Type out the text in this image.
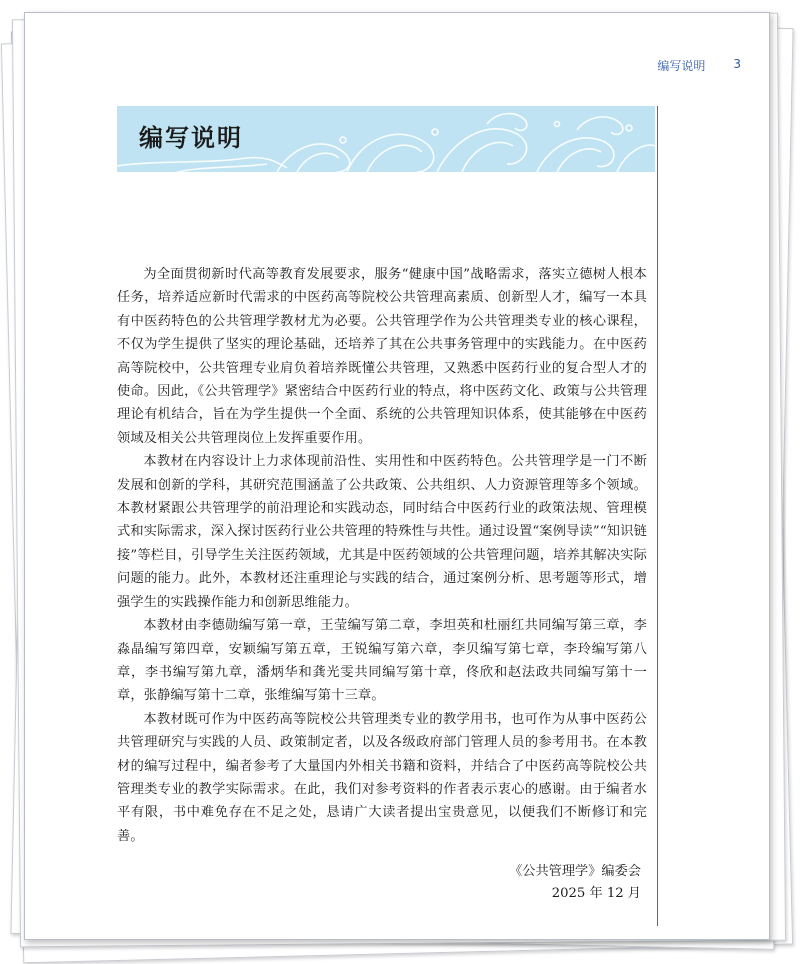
编写说明 3
编写说明

为全面贯彻新时代高等教育发展要求，服务“健康中国”战略需求，落实立德树人根本任务，培养适应新时代需求的中医药高等院校公共管理高素质、创新型人才，编写一本具有中医药特色的公共管理学教材尤为必要。公共管理学作为公共管理类专业的核心课程，不仅为学生提供了坚实的理论基础，还培养了其在公共事务管理中的实践能力。在中医药高等院校中，公共管理专业肩负着培养既懂公共管理，又熟悉中医药行业的复合型人才的使命。因此，《公共管理学》紧密结合中医药行业的特点，将中医药文化、政策与公共管理理论有机结合，旨在为学生提供一个全面、系统的公共管理知识体系，使其能够在中医药领域及相关公共管理岗位上发挥重要作用。

本教材在内容设计上力求体现前沿性、实用性和中医药特色。公共管理学是一门不断发展和创新的学科，其研究范围涵盖了公共政策、公共组织、人力资源管理等多个领域。本教材紧跟公共管理学的前沿理论和实践动态，同时结合中医药行业的政策法规、管理模式和实际需求，深入探讨医药行业公共管理的特殊性与共性。通过设置“案例导读”“知识链接”等栏目，引导学生关注医药领域，尤其是中医药领域的公共管理问题，培养其解决实际问题的能力。此外，本教材还注重理论与实践的结合，通过案例分析、思考题等形式，增强学生的实践操作能力和创新思维能力。

本教材由李德勋编写第一章，王莹编写第二章，李坦英和杜丽红共同编写第三章，李淼晶编写第四章，安颖编写第五章，王锐编写第六章，李贝编写第七章，李玲编写第八章，李书编写第九章，潘炳华和龚光雯共同编写第十章，佟欣和赵法政共同编写第十一章，张静编写第十二章，张维编写第十三章。

本教材既可作为中医药高等院校公共管理类专业的教学用书，也可作为从事中医药公共管理研究与实践的人员、政策制定者，以及各级政府部门管理人员的参考用书。在本教材的编写过程中，编者参考了大量国内外相关书籍和资料，并结合了中医药高等院校公共管理类专业的教学实际需求。在此，我们对参考资料的作者表示衷心的感谢。由于编者水平有限，书中难免存在不足之处，恳请广大读者提出宝贵意见，以便我们不断修订和完善。

《公共管理学》编委会
2025 年 12 月
